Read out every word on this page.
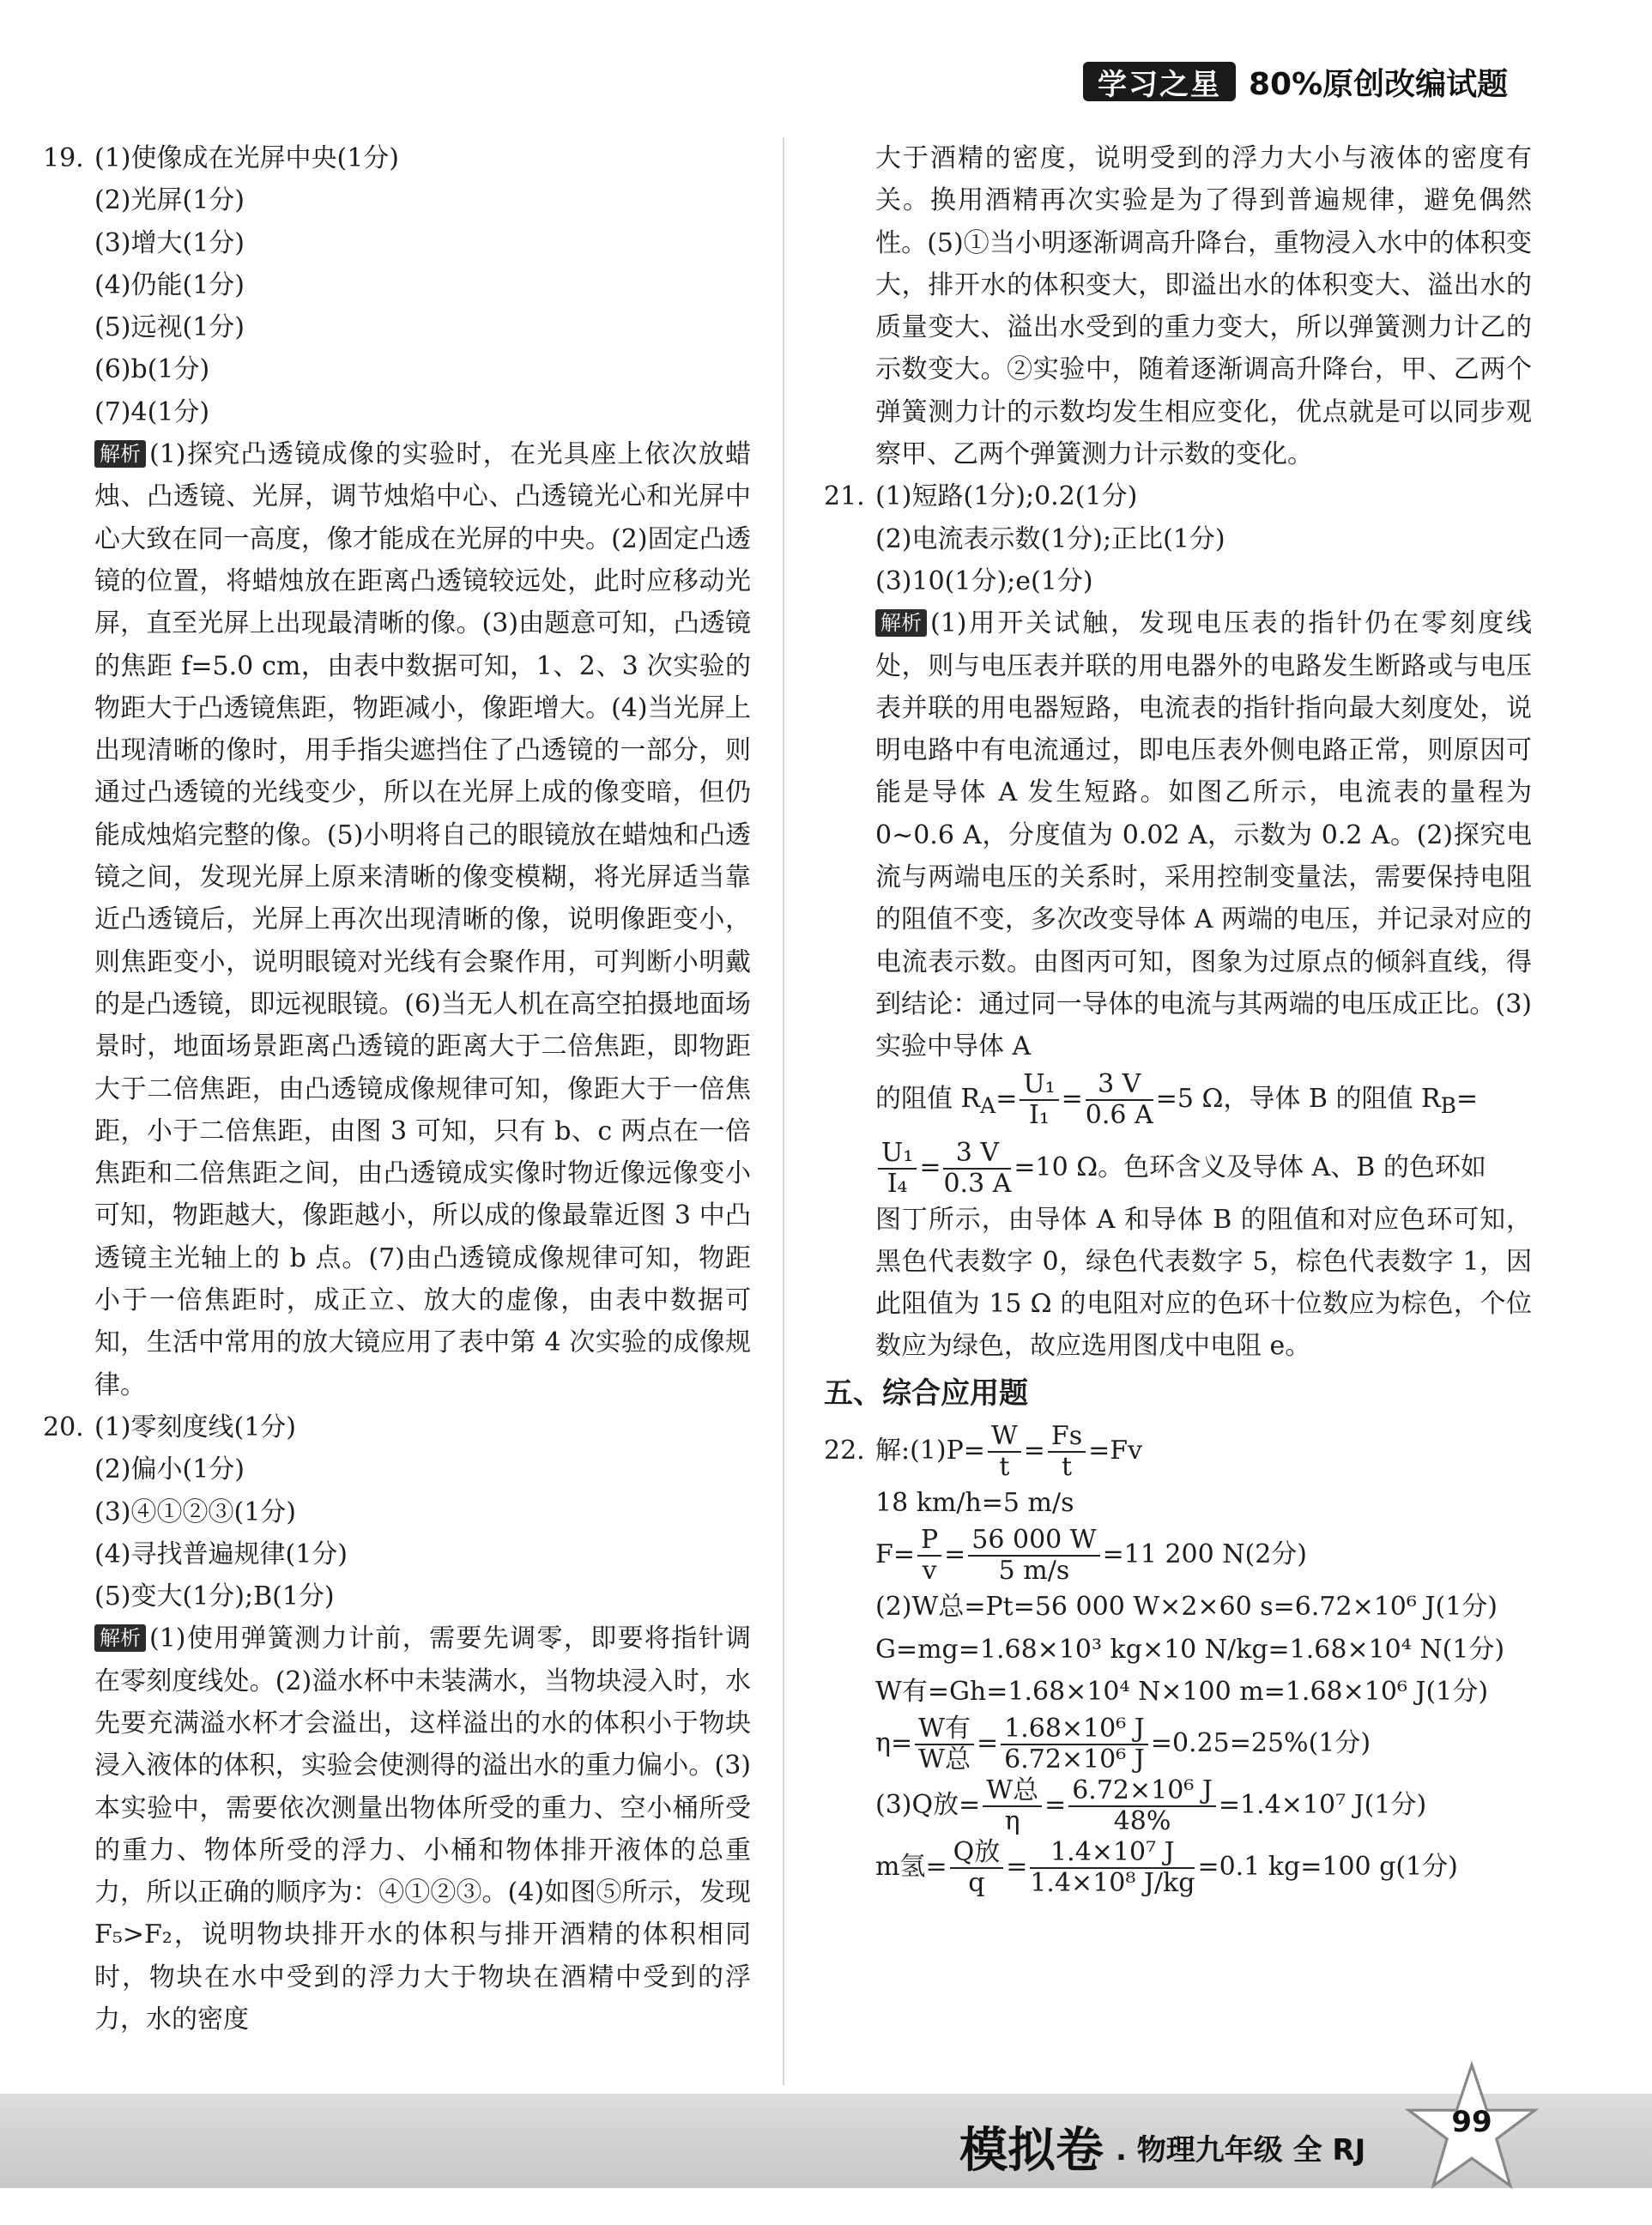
学习之星 80%原创改编试题
19. (1)使像成在光屏中央(1分)
(2)光屏(1分)
(3)增大(1分)
(4)仍能(1分)
(5)远视(1分)
(6)b(1分)
(7)4(1分)
解析 (1)探究凸透镜成像的实验时，在光具座上依次放蜡烛、凸透镜、光屏，调节烛焰中心、凸透镜光心和光屏中心大致在同一高度，像才能成在光屏的中央。(2)固定凸透镜的位置，将蜡烛放在距离凸透镜较远处，此时应移动光屏，直至光屏上出现最清晰的像。(3)由题意可知，凸透镜的焦距 f=5.0 cm，由表中数据可知，1、2、3 次实验的物距大于凸透镜焦距，物距减小，像距增大。(4)当光屏上出现清晰的像时，用手指尖遮挡住了凸透镜的一部分，则通过凸透镜的光线变少，所以在光屏上成的像变暗，但仍能成烛焰完整的像。(5)小明将自己的眼镜放在蜡烛和凸透镜之间，发现光屏上原来清晰的像变模糊，将光屏适当靠近凸透镜后，光屏上再次出现清晰的像，说明像距变小，则焦距变小，说明眼镜对光线有会聚作用，可判断小明戴的是凸透镜，即远视眼镜。(6)当无人机在高空拍摄地面场景时，地面场景距离凸透镜的距离大于二倍焦距，即物距大于二倍焦距，由凸透镜成像规律可知，像距大于一倍焦距，小于二倍焦距，由图 3 可知，只有 b、c 两点在一倍焦距和二倍焦距之间，由凸透镜成实像时物近像远像变小可知，物距越大，像距越小，所以成的像最靠近图 3 中凸透镜主光轴上的 b 点。(7)由凸透镜成像规律可知，物距小于一倍焦距时，成正立、放大的虚像，由表中数据可知，生活中常用的放大镜应用了表中第 4 次实验的成像规律。
20. (1)零刻度线(1分)
(2)偏小(1分)
(3)④①②③(1分)
(4)寻找普遍规律(1分)
(5)变大(1分);B(1分)
解析 (1)使用弹簧测力计前，需要先调零，即要将指针调在零刻度线处。(2)溢水杯中未装满水，当物块浸入时，水先要充满溢水杯才会溢出，这样溢出的水的体积小于物块浸入液体的体积，实验会使测得的溢出水的重力偏小。(3)本实验中，需要依次测量出物体所受的重力、空小桶所受的重力、物体所受的浮力、小桶和物体排开液体的总重力，所以正确的顺序为：④①②③。(4)如图⑤所示，发现 F₅>F₂，说明物块排开水的体积与排开酒精的体积相同时，物块在水中受到的浮力大于物块在酒精中受到的浮力，水的密度
大于酒精的密度，说明受到的浮力大小与液体的密度有关。换用酒精再次实验是为了得到普遍规律，避免偶然性。(5)①当小明逐渐调高升降台，重物浸入水中的体积变大，排开水的体积变大，即溢出水的体积变大、溢出水的质量变大、溢出水受到的重力变大，所以弹簧测力计乙的示数变大。②实验中，随着逐渐调高升降台，甲、乙两个弹簧测力计的示数均发生相应变化，优点就是可以同步观察甲、乙两个弹簧测力计示数的变化。
21. (1)短路(1分);0.2(1分)
(2)电流表示数(1分);正比(1分)
(3)10(1分);e(1分)
解析 (1)用开关试触，发现电压表的指针仍在零刻度线处，则与电压表并联的用电器外的电路发生断路或与电压表并联的用电器短路，电流表的指针指向最大刻度处，说明电路中有电流通过，即电压表外侧电路正常，则原因可能是导体 A 发生短路。如图乙所示，电流表的量程为 0~0.6 A，分度值为 0.02 A，示数为 0.2 A。(2)探究电流与两端电压的关系时，采用控制变量法，需要保持电阻的阻值不变，多次改变导体 A 两端的电压，并记录对应的电流表示数。由图丙可知，图象为过原点的倾斜直线，得到结论：通过同一导体的电流与其两端的电压成正比。(3)实验中导体 A
的阻值 $R_A= \frac{\text{U₁}}{\text{I₁}} = \frac{3 V}{0.6 A} =5$ Ω，导体 B 的阻值 $R_B=$
$\frac{\text{U₁}}{\text{I₄}} = \frac{3 V}{0.3 A} =10$ Ω。色环含义及导体 A、B 的色环如
图丁所示，由导体 A 和导体 B 的阻值和对应色环可知，黑色代表数字 0，绿色代表数字 5，棕色代表数字 1，因此阻值为 15 Ω 的电阻对应的色环十位数应为棕色，个位数应为绿色，故应选用图戊中电阻 e。
五、综合应用题
22. 解:(1)P= $\frac{W}{t} = \frac{Fs}{t} =Fv$
18 km/h=5 m/s
$F= \frac{P}{v} = \frac{56 000 W}{5 m/s} =11$ 200 N(2分)
(2)W总=Pt=56 000 W×2×60 s=6.72×10⁶ J(1分)
G=mg=1.68×10³ kg×10 N/kg=1.68×10⁴ N(1分)
W有=Gh=1.68×10⁴ N×100 m=1.68×10⁶ J(1分)
$\eta= \frac{\text{W有}}{\text{W总}} = \frac{\text{1.68×10⁶ J}}{\text{6.72×10⁶ J}} =0.25=25\%(1$分)
(3)Q放= $\frac{\text{W总}}{\eta} = \frac{\text{6.72×10⁶ J}}{48\%} =1.4\times 10^7$ J(1分)
m氢= $\frac{\text{Q放}}{q} = \frac{\text{1.4×10⁷ J}}{\text{1.4×10⁸ J/kg}} =0.1$ kg=100 g(1分)
模拟卷 . 物理九年级 全 RJ
99
